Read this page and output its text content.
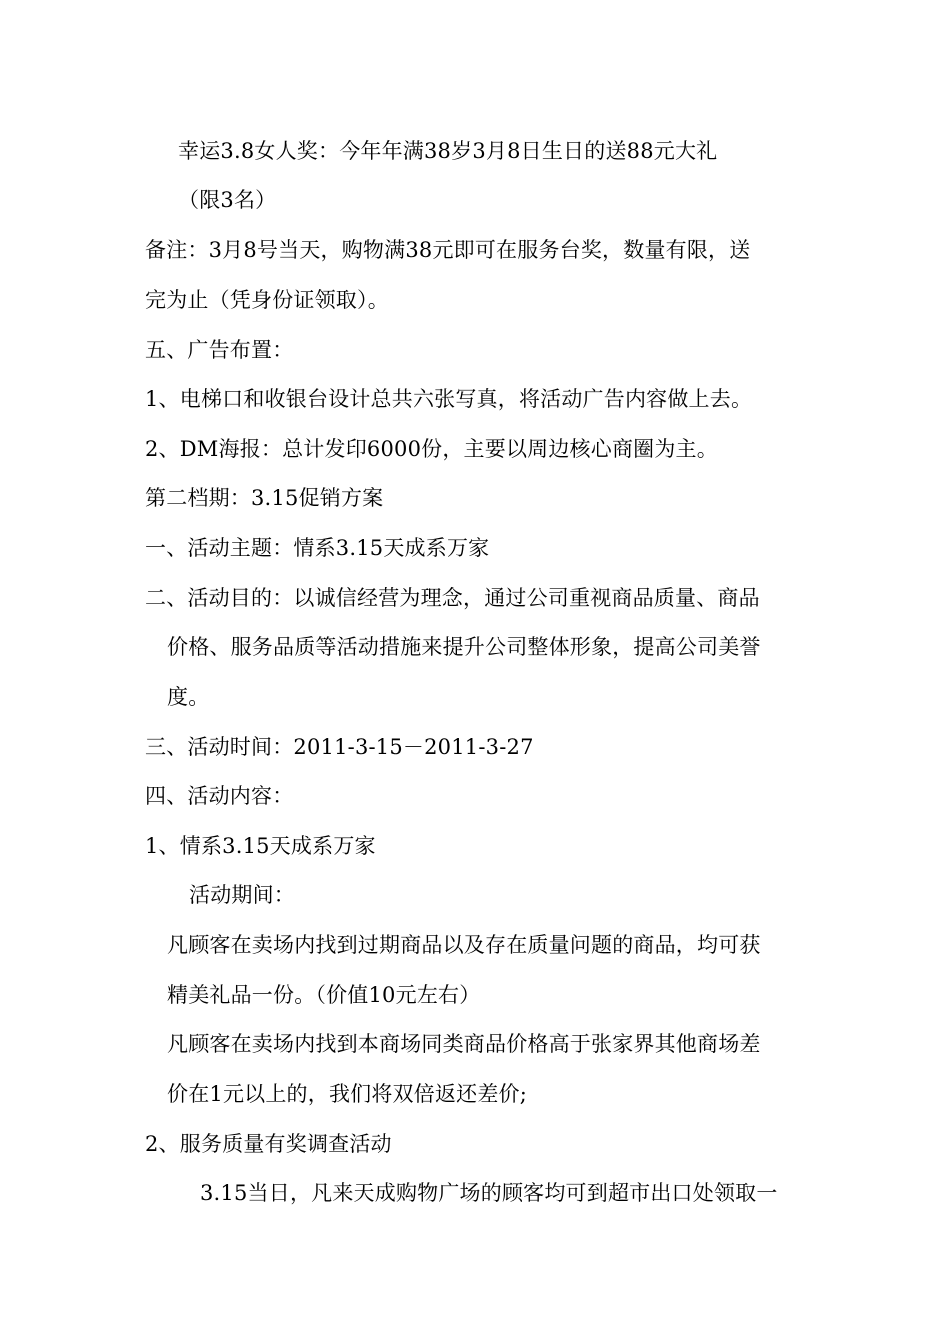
幸运3.8女人奖：今年年满38岁3月8日生日的送88元大礼
（限3名）
备注：3月8号当天，购物满38元即可在服务台奖，数量有限，送
完为止（凭身份证领取）。
五、广告布置：
1、电梯口和收银台设计总共六张写真，将活动广告内容做上去。
2、DM海报：总计发印6000份，主要以周边核心商圈为主。
第二档期：3.15促销方案
一、活动主题：情系3.15天成系万家
二、活动目的：以诚信经营为理念，通过公司重视商品质量、商品
价格、服务品质等活动措施来提升公司整体形象，提高公司美誉
度。
三、活动时间：2011-3-15－2011-3-27
四、活动内容：
1、情系3.15天成系万家
活动期间：
凡顾客在卖场内找到过期商品以及存在质量问题的商品，均可获
精美礼品一份。（价值10元左右）
凡顾客在卖场内找到本商场同类商品价格高于张家界其他商场差
价在1元以上的，我们将双倍返还差价;
2、服务质量有奖调查活动
3.15当日，凡来天成购物广场的顾客均可到超市出口处领取一
